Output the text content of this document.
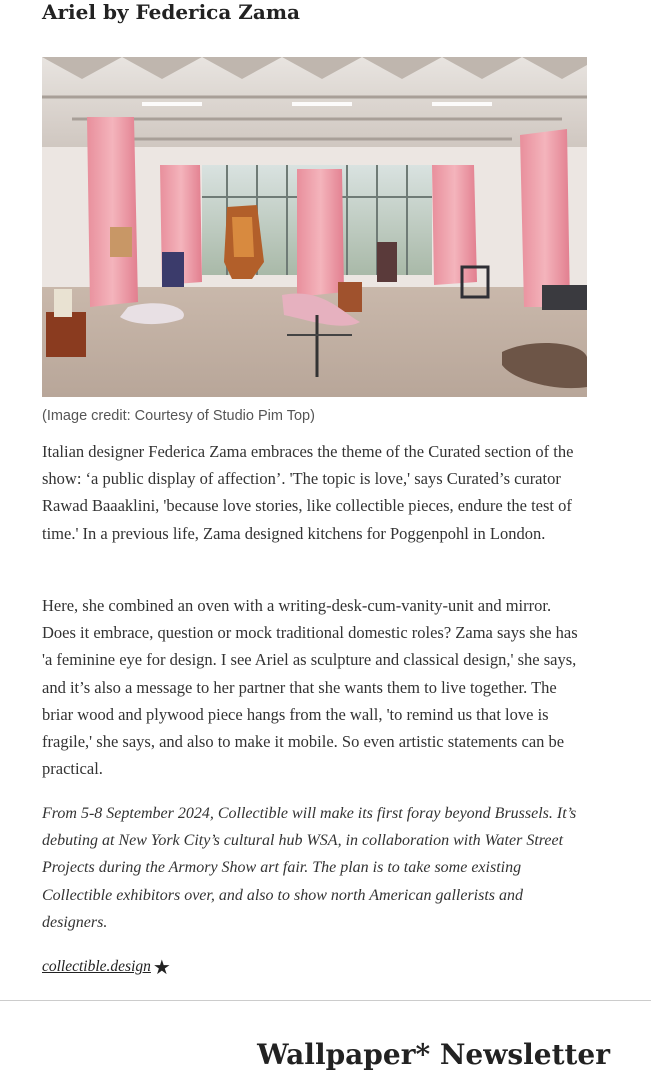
Ariel by Federica Zama

(Image credit: Courtesy of Studio Pim Top)

Italian designer Federica Zama embraces the theme of the Curated section of the show: ‘a public display of affection’. 'The topic is love,' says Curated’s curator Rawad Baaaklini, 'because love stories, like collectible pieces, endure the test of time.' In a previous life, Zama designed kitchens for Poggenpohl in London.

Here, she combined an oven with a writing-desk-cum-vanity-unit and mirror. Does it embrace, question or mock traditional domestic roles? Zama says she has 'a feminine eye for design. I see Ariel as sculpture and classical design,' she says, and it’s also a message to her partner that she wants them to live together. The briar wood and plywood piece hangs from the wall, 'to remind us that love is fragile,' she says, and also to make it mobile. So even artistic statements can be practical.

From 5-8 September 2024, Collectible will make its first foray beyond Brussels. It’s debuting at New York City’s cultural hub WSA, in collaboration with Water Street Projects during the Armory Show art fair. The plan is to take some existing Collectible exhibitors over, and also to show north American gallerists and designers.

collectible.design ★
Wallpaper* Newsletter
